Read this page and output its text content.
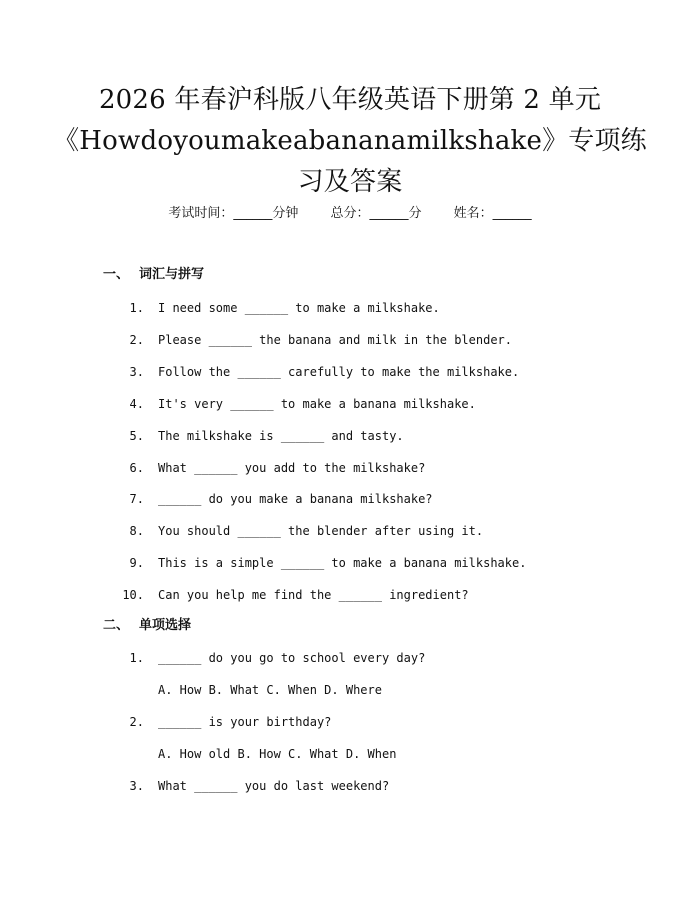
2026 年春沪科版八年级英语下册第 2 单元
《Howdoyoumakeabananamilkshake》专项练
习及答案
考试时间：______分钟 总分：______分 姓名：______
一、 词汇与拼写

1.

I need some ______ to make a milkshake.

2.

Please ______ the banana and milk in the blender.

3.

Follow the ______ carefully to make the milkshake.

4.

It's very ______ to make a banana milkshake.

5.

The milkshake is ______ and tasty.

6.

What ______ you add to the milkshake?

7.

______ do you make a banana milkshake?

8.

You should ______ the blender after using it.

9.

This is a simple ______ to make a banana milkshake.

10.

Can you help me find the ______ ingredient?

二、 单项选择

1.

______ do you go to school every day?

A. How B. What C. When D. Where

2.

______ is your birthday?

A. How old B. How C. What D. When

3.

What ______ you do last weekend?
